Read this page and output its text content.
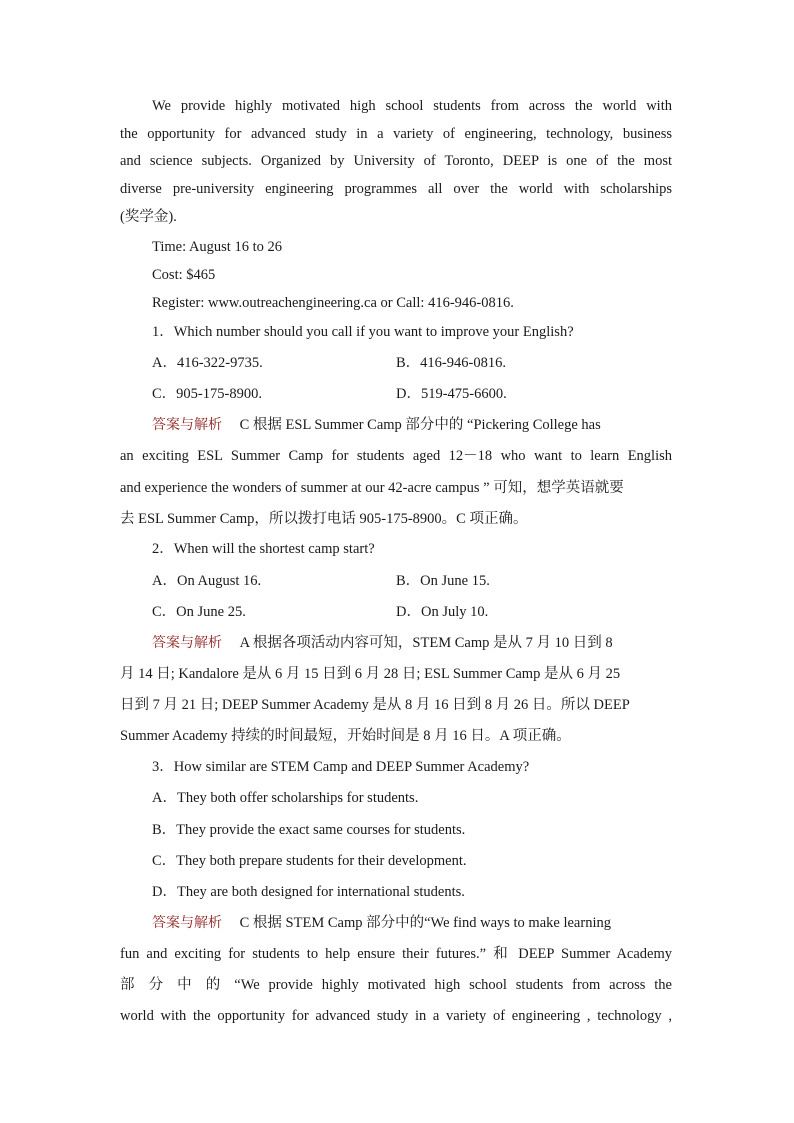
We provide highly motivated high school students from across the world with
the opportunity for advanced study in a variety of engineering, technology, business
and science subjects. Organized by University of Toronto, DEEP is one of the most
diverse pre-university engineering programmes all over the world with scholarships
(奖学金).
Time: August 16 to 26
Cost: $465
Register: www.outreachengineering.ca or Call: 416-946-0816.
1．Which number should you call if you want to improve your English?
A．416-322-9735.	B．416-946-0816.
C．905-175-8900.	D．519-475-6600.
答案与解析 C 根据 ESL Summer Camp 部分中的 “Pickering College has
an exciting ESL Summer Camp for students aged 12－18 who want to learn English
and experience the wonders of summer at our 42-acre campus ” 可知，想学英语就要
去 ESL Summer Camp，所以拨打电话 905-175-8900。C 项正确。
2．When will the shortest camp start?
A．On August 16.	B．On June 15.
C．On June 25.	D．On July 10.
答案与解析 A 根据各项活动内容可知，STEM Camp 是从 7 月 10 日到 8
月 14 日; Kandalore 是从 6 月 15 日到 6 月 28 日; ESL Summer Camp 是从 6 月 25
日到 7 月 21 日; DEEP Summer Academy 是从 8 月 16 日到 8 月 26 日。所以 DEEP
Summer Academy 持续的时间最短，开始时间是 8 月 16 日。A 项正确。
3．How similar are STEM Camp and DEEP Summer Academy?
A．They both offer scholarships for students.
B．They provide the exact same courses for students.
C．They both prepare students for their development.
D．They are both designed for international students.
答案与解析 C 根据 STEM Camp 部分中的“We find ways to make learning
fun and exciting for students to help ensure their futures.” 和 DEEP Summer Academy
部 分 中 的 “We provide highly motivated high school students from across the
world with the opportunity for advanced study in a variety of engineering , technology ,
